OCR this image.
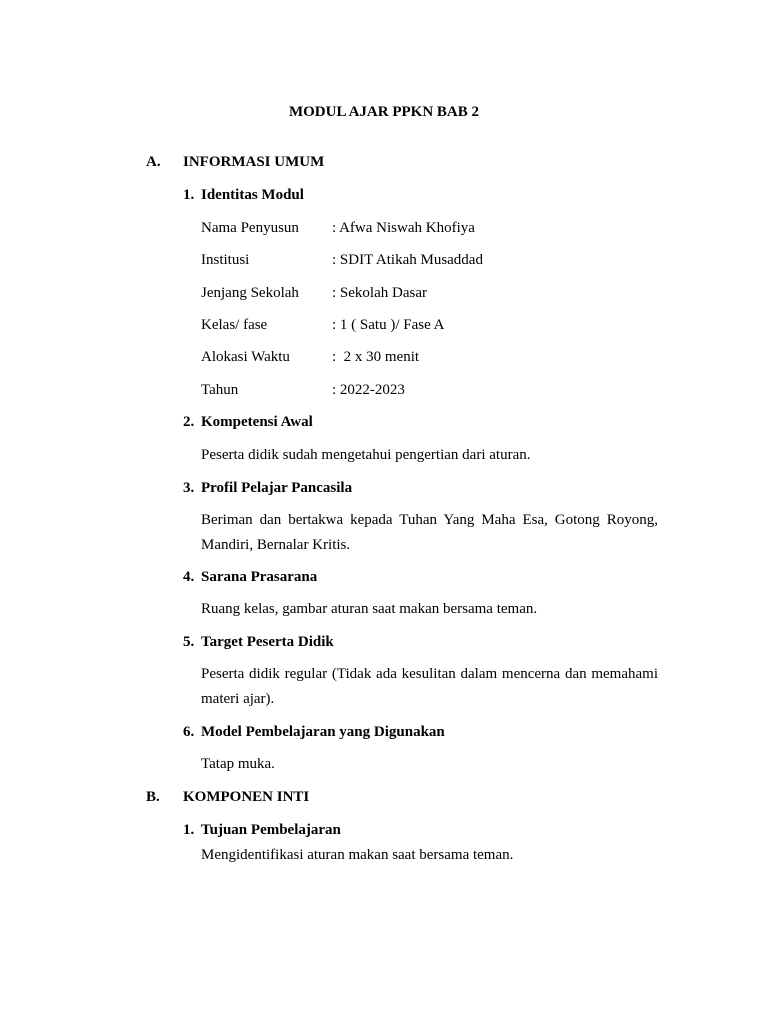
MODUL AJAR PPKN BAB 2
A. INFORMASI UMUM
1. Identitas Modul
Nama Penyusun : Afwa Niswah Khofiya
Institusi	: SDIT Atikah Musaddad
Jenjang Sekolah : Sekolah Dasar
Kelas/ fase	: 1 ( Satu )/ Fase A
Alokasi Waktu	:  2 x 30 menit
Tahun	: 2022-2023
2. Kompetensi Awal
Peserta didik sudah mengetahui pengertian dari aturan.
3. Profil Pelajar Pancasila
Beriman dan bertakwa kepada Tuhan Yang Maha Esa, Gotong Royong, Mandiri, Bernalar Kritis.
4. Sarana Prasarana
Ruang kelas, gambar aturan saat makan bersama teman.
5. Target Peserta Didik
Peserta didik regular (Tidak ada kesulitan dalam mencerna dan memahami materi ajar).
6. Model Pembelajaran yang Digunakan
Tatap muka.
B. KOMPONEN INTI
1. Tujuan Pembelajaran
Mengidentifikasi aturan makan saat bersama teman.
